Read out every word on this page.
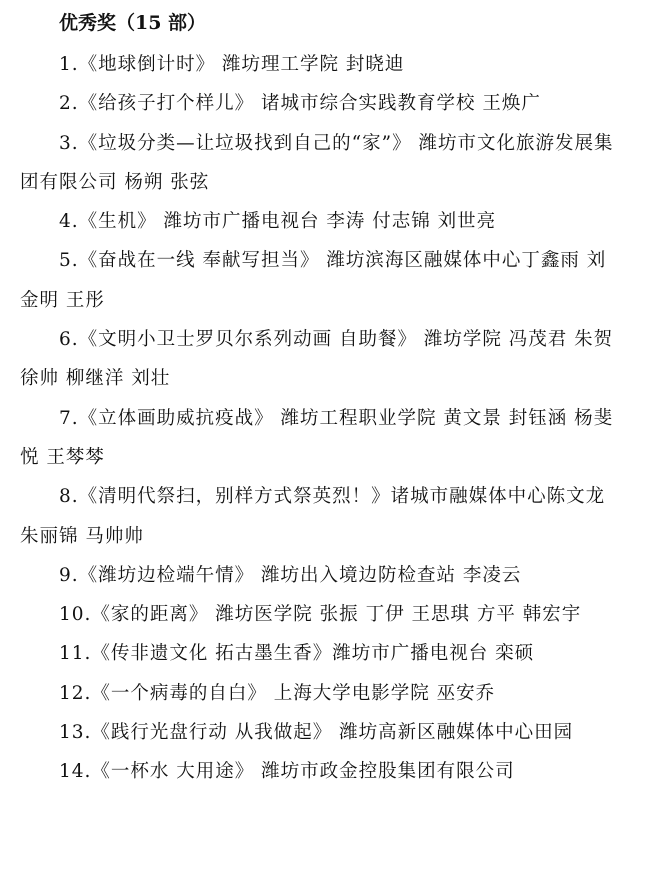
优秀奖（15 部）

1.《地球倒计时》 潍坊理工学院 封晓迪

2.《给孩子打个样儿》 诸城市综合实践教育学校 王焕广

3.《垃圾分类—让垃圾找到自己的“家”》 潍坊市文化旅游发展集团有限公司 杨朔 张弦

4.《生机》 潍坊市广播电视台 李涛 付志锦 刘世亮

5.《奋战在一线 奉献写担当》 潍坊滨海区融媒体中心丁鑫雨 刘金明 王彤

6.《文明小卫士罗贝尔系列动画 自助餐》 潍坊学院 冯茂君 朱贺 徐帅 柳继洋 刘壮

7.《立体画助威抗疫战》 潍坊工程职业学院 黄文景 封钰涵 杨斐悦 王棽棽

8.《清明代祭扫，别样方式祭英烈！》诸城市融媒体中心陈文龙 朱丽锦 马帅帅

9.《潍坊边检端午情》 潍坊出入境边防检查站 李凌云

10.《家的距离》 潍坊医学院 张振 丁伊 王思琪 方平 韩宏宇

11.《传非遗文化 拓古墨生香》潍坊市广播电视台 栾硕

12.《一个病毒的自白》 上海大学电影学院 巫安乔

13.《践行光盘行动 从我做起》 潍坊高新区融媒体中心田园

14.《一杯水 大用途》 潍坊市政金控股集团有限公司
